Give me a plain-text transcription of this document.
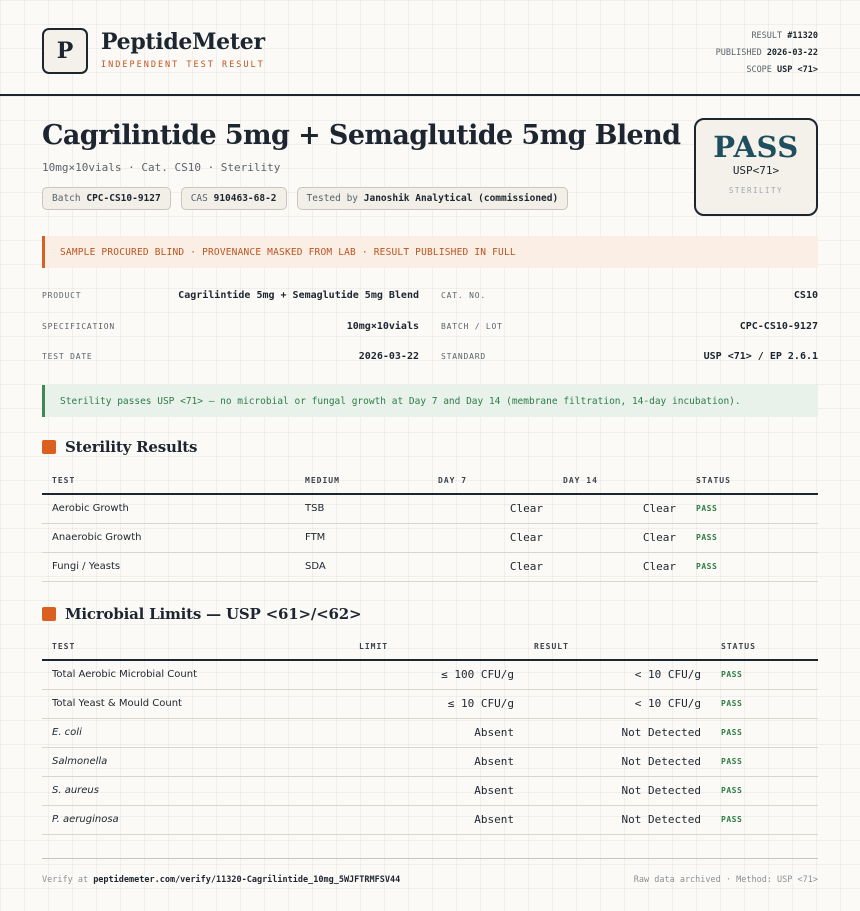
P	PeptideMeter
INDEPENDENT TEST RESULT
RESULT #11320
PUBLISHED 2026-03-22
SCOPE USP <71>
Cagrilintide 5mg + Semaglutide 5mg Blend
10mg×10vials · Cat. CS10 · Sterility
Batch CPC-CS10-9127	CAS 910463-68-2	Tested by Janoshik Analytical (commissioned)
PASS
USP<71>
STERILITY
SAMPLE PROCURED BLIND · PROVENANCE MASKED FROM LAB · RESULT PUBLISHED IN FULL
PRODUCT	Cagrilintide 5mg + Semaglutide 5mg Blend
SPECIFICATION	10mg×10vials
TEST DATE	2026-03-22
CAT. NO.	CS10
BATCH / LOT	CPC-CS10-9127
STANDARD	USP <71> / EP 2.6.1
Sterility passes USP <71> — no microbial or fungal growth at Day 7 and Day 14 (membrane filtration, 14-day incubation).
Sterility Results
TEST	MEDIUM	DAY 7	DAY 14	STATUS
Aerobic Growth	TSB	Clear	Clear	PASS
Anaerobic Growth	FTM	Clear	Clear	PASS
Fungi / Yeasts	SDA	Clear	Clear	PASS
Microbial Limits — USP <61>/<62>
TEST	LIMIT	RESULT	STATUS
Total Aerobic Microbial Count	≤ 100 CFU/g	< 10 CFU/g	PASS
Total Yeast & Mould Count	≤ 10 CFU/g	< 10 CFU/g	PASS
E. coli	Absent	Not Detected	PASS
Salmonella	Absent	Not Detected	PASS
S. aureus	Absent	Not Detected	PASS
P. aeruginosa	Absent	Not Detected	PASS
Verify at peptidemeter.com/verify/11320-Cagrilintide_10mg_5WJFTRMFSV44	Raw data archived · Method: USP <71>
